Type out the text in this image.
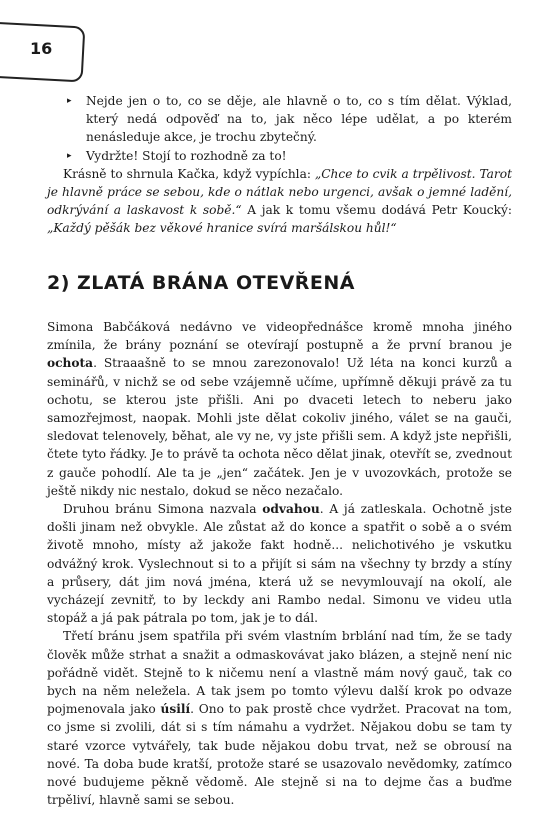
16

▸ Nejde jen o to, co se děje, ale hlavně o to, co s tím dělat. Výklad, který nedá odpověď na to, jak něco lépe udělat, a po kterém nenásleduje akce, je trochu zbytečný.

▸ Vydržte! Stojí to rozhodně za to!

Krásně to shrnula Kačka, když vypíchla: „Chce to cvik a trpělivost. Tarot je hlavně práce se sebou, kde o nátlak nebo urgenci, avšak o jemné ladění, odkrývání a laskavost k sobě.“ A jak k tomu všemu dodává Petr Koucký: „Každý pěšák bez věkové hranice svírá maršálskou hůl!“

2) ZLATÁ BRÁNA OTEVŘENÁ

Simona Babčáková nedávno ve videopřednášce kromě mnoha jiného zmínila, že brány poznání se otevírají postupně a že první branou je ochota. Straaašně to se mnou zarezonovalo! Už léta na konci kurzů a seminářů, v nichž se od sebe vzájemně učíme, upřímně děkuji právě za tu ochotu, se kterou jste přišli. Ani po dvaceti letech to neberu jako samozřejmost, naopak. Mohli jste dělat cokoliv jiného, válet se na gauči, sledovat telenovely, běhat, ale vy ne, vy jste přišli sem. A když jste nepřišli, čtete tyto řádky. Je to právě ta ochota něco dělat jinak, otevřít se, zvednout z gauče pohodlí. Ale ta je „jen“ začátek. Jen je v uvozovkách, protože se ještě nikdy nic nestalo, dokud se něco nezačalo.

Druhou bránu Simona nazvala odvahou. A já zatleskala. Ochotně jste došli jinam než obvykle. Ale zůstat až do konce a spatřit o sobě a o svém životě mnoho, místy až jakože fakt hodně... nelichotivého je vskutku odvážný krok. Vyslechnout si to a přijít si sám na všechny ty brzdy a stíny a průsery, dát jim nová jména, která už se nevymlouvají na okolí, ale vycházejí zevnitř, to by leckdy ani Rambo nedal. Simonu ve videu utla stopáž a já pak pátrala po tom, jak je to dál.

Třetí bránu jsem spatřila při svém vlastním brblání nad tím, že se tady člověk může strhat a snažit a odmaskovávat jako blázen, a stejně není nic pořádně vidět. Stejně to k ničemu není a vlastně mám nový gauč, tak co bych na něm neležela. A tak jsem po tomto výlevu další krok po odvaze pojmenovala jako úsilí. Ono to pak prostě chce vydržet. Pracovat na tom, co jsme si zvolili, dát si s tím námahu a vydržet. Nějakou dobu se tam ty staré vzorce vytvářely, tak bude nějakou dobu trvat, než se obrousí na nové. Ta doba bude kratší, protože staré se usazovalo nevědomky, zatímco nové budujeme pěkně vědomě. Ale stejně si na to dejme čas a buďme trpěliví, hlavně sami se sebou.
